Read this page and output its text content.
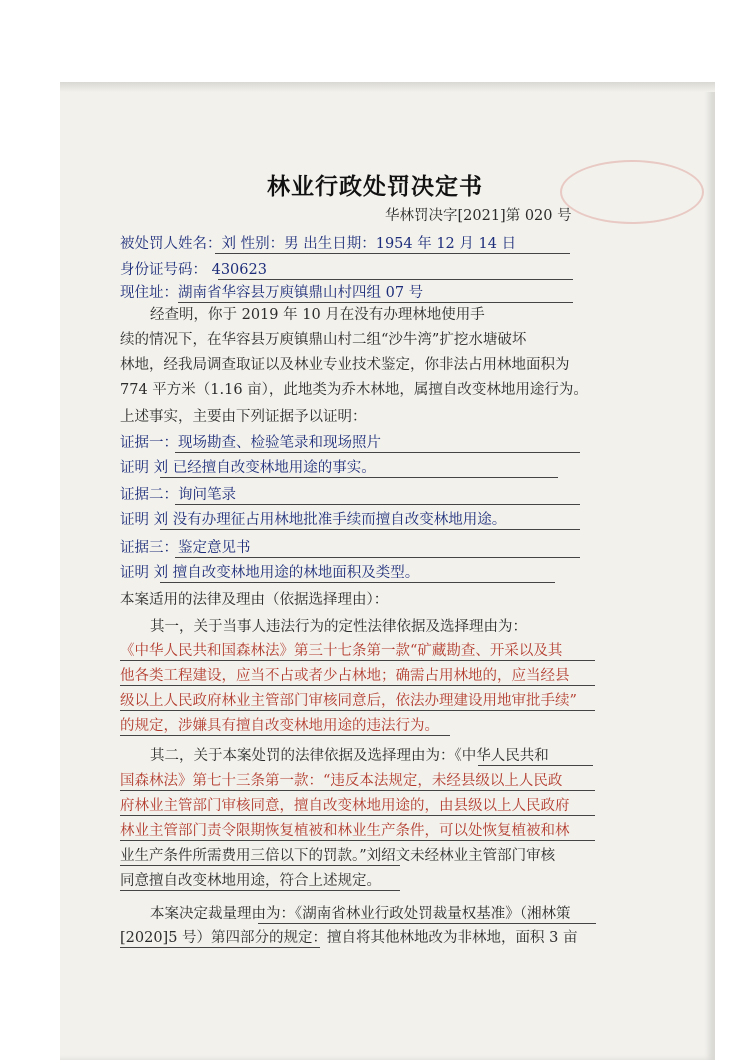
林业行政处罚决定书
华林罚决字[2021]第 020 号
被处罚人姓名：刘 性别：男 出生日期：1954 年 12 月 14 日
身份证号码： 430623
现住址：湖南省华容县万庾镇鼎山村四组 07 号
经查明，你于 2019 年 10 月在没有办理林地使用手
续的情况下，在华容县万庾镇鼎山村二组“沙牛湾”扩挖水塘破坏
林地，经我局调查取证以及林业专业技术鉴定，你非法占用林地面积为
774 平方米（1.16 亩），此地类为乔木林地，属擅自改变林地用途行为。
上述事实，主要由下列证据予以证明：
证据一：现场勘查、检验笔录和现场照片
证明 刘 已经擅自改变林地用途的事实。
证据二：询问笔录
证明 刘 没有办理征占用林地批准手续而擅自改变林地用途。
证据三：鉴定意见书
证明 刘 擅自改变林地用途的林地面积及类型。
本案适用的法律及理由（依据选择理由）：
其一，关于当事人违法行为的定性法律依据及选择理由为：
《中华人民共和国森林法》第三十七条第一款“矿藏勘查、开采以及其
他各类工程建设，应当不占或者少占林地；确需占用林地的，应当经县
级以上人民政府林业主管部门审核同意后，依法办理建设用地审批手续”
的规定，涉嫌具有擅自改变林地用途的违法行为。
其二，关于本案处罚的法律依据及选择理由为：《中华人民共和
国森林法》第七十三条第一款：“违反本法规定，未经县级以上人民政
府林业主管部门审核同意，擅自改变林地用途的，由县级以上人民政府
林业主管部门责令限期恢复植被和林业生产条件，可以处恢复植被和林
业生产条件所需费用三倍以下的罚款。”刘绍文未经林业主管部门审核
同意擅自改变林地用途，符合上述规定。
本案决定裁量理由为：《湖南省林业行政处罚裁量权基准》（湘林策
[2020]5 号）第四部分的规定：擅自将其他林地改为非林地，面积 3 亩
